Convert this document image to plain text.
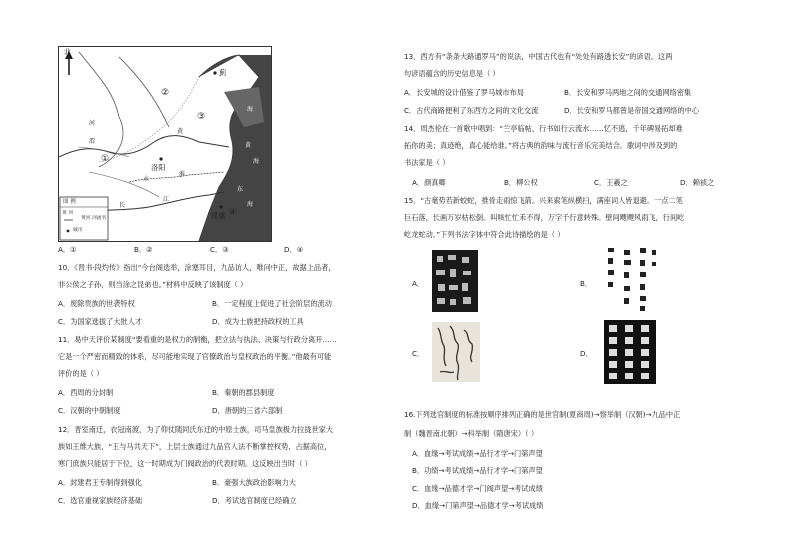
北
蓟
洛阳
建康
①
②
③
④
渭
河
黄
长
江
水
淮
渤
海
黄
海
东
海
图 例
黄 河
黄河 河流名
城市
A．①	B．②	C．③	D．④
10．《晋书·段灼传》指出“今台阁选举，涂塞耳目，九品访人，唯问中正，故据上品者，
非公侯之子孙，则当涂之昆弟也。”材料中反映了该制度（ ）
A．废除贵族的世袭特权	B．一定程度上促进了社会阶层的流动
C．为国家选拔了大批人才	D．成为士族把持政权的工具
11．易中天评价某制度“要看重的是权力的制衡，把立法与执法、决策与行政分离开……
它是一个严密而精致的体系，尽可能地实现了官僚政治与皇权政治的平衡。”他最有可能
评价的是（ ）
A．西周的分封制	B．秦朝的郡县制度
C．汉朝的中朝制度	D．唐朝的三省六部制
12．晋室南迁，衣冠南渡，为了仰仗随同氏东迁的中原士族，司马皇族极力拉拢世家大
族如王维大族，“王与马共天下”，上层士族通过九品官人法不断掌控权势，占据高位，
寒门庶族只能居于下位，这一时期成为门阀政治的代表时期。这反映出当时（ ）
A．封建君王专制得到强化	B．豪强大族政治影响力大
C．选官重视家族经济基础	D．考试选官制度已经确立
13．西方有“条条大路通罗马”的说法，中国古代也有“处处有路透长安”的谚语。这两
句谚语蕴含的历史信息是（ ）
A．长安城的设计借鉴了罗马城市布局	B．长安和罗马两地之间的交通网络密集
C．古代商路便利了东西方之间的文化交流	D．长安和罗马都曾是帝国交通网络的中心
14．周杰伦在一首歌中唱到：“兰亭临帖，行书如行云流水……忆不逃，千年碑易拓却难
拓你的美；真迹绝，真心能给谁。”将古典的韵味与流行音乐完美结合。歌词中涉及到的
书法家是（ ）
A．颜真卿	B．柳公权	C．王羲之	D．赖祯之
15．“古毫势若新蛟蛇，推骨走雨惊飞箭。兴来索笔纵横扫，满座词人皆退避。一点二笔
巨石落，长画万岁枯松倒。叫咳忙忙禾不得，万字千行意转殊。壁间飕飕风雨飞，行间屹
屹龙蛇动。”下列书法字体中符合此诗描绘的是（ ）
A．	B．
C．	D．
16.下列选官制度的标准按顺序排列正确的是世官制(夏商周)→察举制（汉朝)→九品中正
制（魏晋南北朝）→科举制（隋唐宋）（ ）
A．血缘→考试成绩→品行才学→门第声望
B．功绩→考试成绩→品行才学→门第声望
C．血缘→品德才学→门阀声望→考试成绩
D．血缘→门第声望→品德才学→考试成绩
